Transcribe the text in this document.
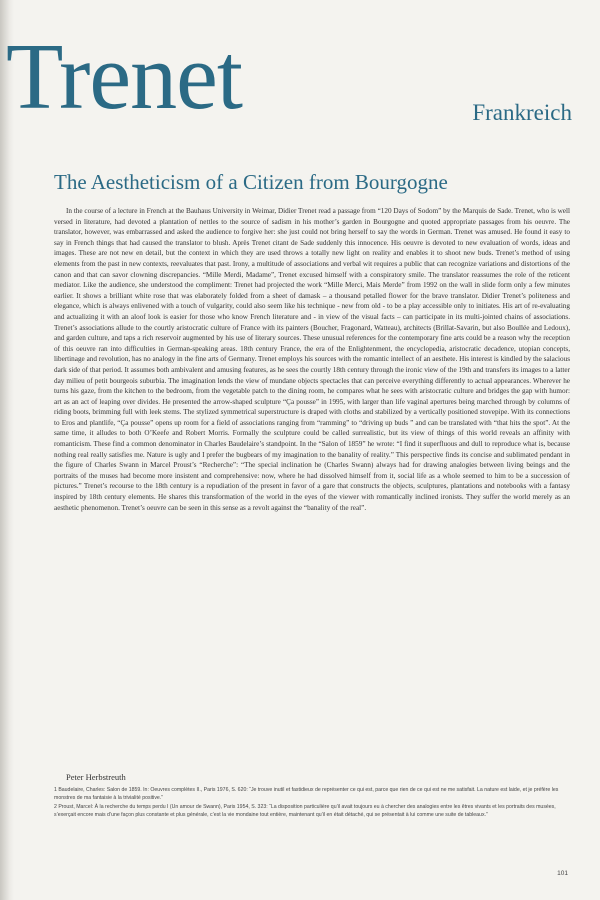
Trenet	Frankreich
The Aestheticism of a Citizen from Bourgogne

In the course of a lecture in French at the Bauhaus University in Weimar, Didier Trenet read a passage from “120 Days of Sodom” by the Marquis de Sade. Trenet, who is well versed in literature, had devoted a plantation of nettles to the source of sadism in his mother’s garden in Bourgogne and quoted appropriate passages from his oeuvre. The translator, however, was embarrassed and asked the audience to forgive her: she just could not bring herself to say the words in German. Trenet was amused. He found it easy to say in French things that had caused the translator to blush. Après Trenet citant de Sade suddenly this innocence. His oeuvre is devoted to new evaluation of words, ideas and images. These are not new en detail, but the context in which they are used throws a totally new light on reality and enables it to shoot new buds. Trenet’s method of using elements from the past in new contexts, reevaluates that past. Irony, a multitude of associations and verbal wit requires a public that can recognize variations and distortions of the canon and that can savor clowning discrepancies. “Mille Merdi, Madame”, Trenet excused himself with a conspiratory smile. The translator reassumes the role of the reticent mediator. Like the audience, she understood the compliment: Trenet had projected the work “Mille Merci, Mais Merde” from 1992 on the wall in slide form only a few minutes earlier. It shows a brilliant white rose that was elaborately folded from a sheet of damask – a thousand petalled flower for the brave translator. Didier Trenet’s politeness and elegance, which is always enlivened with a touch of vulgarity, could also seem like his technique - new from old - to be a play accessible only to initiates. His art of re-evaluating and actualizing it with an aloof look is easier for those who know French literature and - in view of the visual facts – can participate in its multi-jointed chains of associations. Trenet’s associations allude to the courtly aristocratic culture of France with its painters (Boucher, Fragonard, Watteau), architects (Brillat-Savarin, but also Boullée and Ledoux), and garden culture, and taps a rich reservoir augmented by his use of literary sources. These unusual references for the contemporary fine arts could be a reason why the reception of this oeuvre ran into difficulties in German-speaking areas. 18th century France, the era of the Enlightenment, the encyclopedia, aristocratic decadence, utopian concepts, libertinage and revolution, has no analogy in the fine arts of Germany. Trenet employs his sources with the romantic intellect of an aesthete. His interest is kindled by the salacious dark side of that period. It assumes both ambivalent and amusing features, as he sees the courtly 18th century through the ironic view of the 19th and transfers its images to a latter day milieu of petit bourgeois suburbia. The imagination lends the view of mundane objects spectacles that can perceive everything differently to actual appearances. Wherever he turns his gaze, from the kitchen to the bedroom, from the vegetable patch to the dining room, he compares what he sees with aristocratic culture and bridges the gap with humor: art as an act of leaping over divides. He presented the arrow-shaped sculpture “Ça pousse” in 1995, with larger than life vaginal apertures being marched through by columns of riding boots, brimming full with leek stems. The stylized symmetrical superstructure is draped with cloths and stabilized by a vertically positioned stovepipe. With its connections to Eros and plantlife, “Ça pousse” opens up room for a field of associations ranging from “ramming” to “driving up buds ” and can be translated with “that hits the spot”. At the same time, it alludes to both O’Keefe and Robert Morris. Formally the sculpture could be called surrealistic, but its view of things of this world reveals an affinity with romanticism. These find a common denominator in Charles Baudelaire’s standpoint. In the “Salon of 1859” he wrote: “I find it superfluous and dull to reproduce what is, because nothing real really satisfies me. Nature is ugly and I prefer the bugbears of my imagination to the banality of reality.” This perspective finds its concise and sublimated pendant in the figure of Charles Swann in Marcel Proust’s “Recherche”: “The special inclination he (Charles Swann) always had for drawing analogies between living beings and the portraits of the muses had become more insistent and comprehensive: now, where he had dissolved himself from it, social life as a whole seemed to him to be a succession of pictures.” Trenet’s recourse to the 18th century is a repudiation of the present in favor of a gare that constructs the objects, sculptures, plantations and notebooks with a fantasy inspired by 18th century elements. He shares this transformation of the world in the eyes of the viewer with romantically inclined ironists. They suffer the world merely as an aesthetic phenomenon. Trenet’s oeuvre can be seen in this sense as a revolt against the “banality of the real”.

Peter Herbstreuth

1 Baudelaire, Charles: Salon de 1859. In: Oeuvres complètes II., Paris 1976, S. 620: “Je trouve inutil et fastidieux de représenter ce qui est, parce que rien de ce qui est ne me satisfait. La nature est laide, et je préfère les monstres de ma fantaisie à la trivialité positive.”

2 Proust, Marcel: À la recherche du temps perdu I (Un amour de Swann), Paris 1954, S. 323: “La disposition particulière qu’il avait toujours eu à chercher des analogies entre les êtres vivants et les portraits des musées, s’exerçait encore mais d’une façon plus constante et plus générale, c’est la vie mondaine tout entière, maintenant qu’il en était détaché, qui se présentait à lui comme une suite de tableaux.”

101
